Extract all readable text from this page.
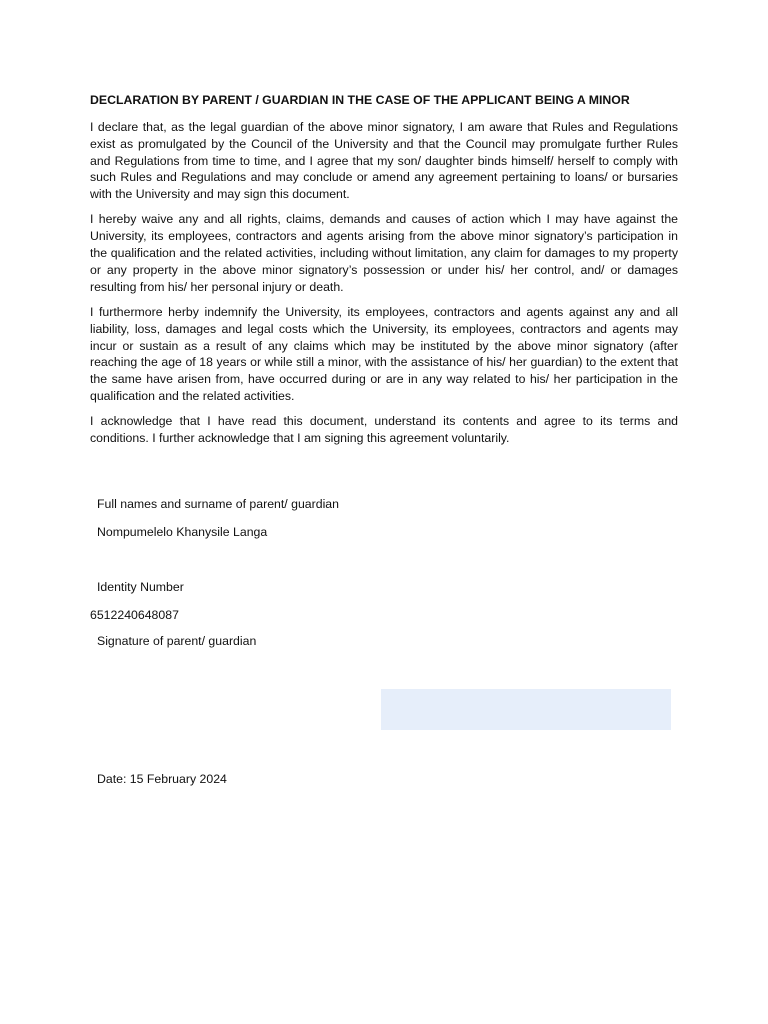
DECLARATION BY PARENT / GUARDIAN IN THE CASE OF THE APPLICANT BEING A MINOR

I declare that, as the legal guardian of the above minor signatory, I am aware that Rules and Regulations exist as promulgated by the Council of the University and that the Council may promulgate further Rules and Regulations from time to time, and I agree that my son/ daughter binds himself/ herself to comply with such Rules and Regulations and may conclude or amend any agreement pertaining to loans/ or bursaries with the University and may sign this document.

I hereby waive any and all rights, claims, demands and causes of action which I may have against the University, its employees, contractors and agents arising from the above minor signatory’s participation in the qualification and the related activities, including without limitation, any claim for damages to my property or any property in the above minor signatory’s possession or under his/ her control, and/ or damages resulting from his/ her personal injury or death.

I furthermore herby indemnify the University, its employees, contractors and agents against any and all liability, loss, damages and legal costs which the University, its employees, contractors and agents may incur or sustain as a result of any claims which may be instituted by the above minor signatory (after reaching the age of 18 years or while still a minor, with the assistance of his/ her guardian) to the extent that the same have arisen from, have occurred during or are in any way related to his/ her participation in the qualification and the related activities.

I acknowledge that I have read this document, understand its contents and agree to its terms and conditions. I further acknowledge that I am signing this agreement voluntarily.

Full names and surname of parent/ guardian
Nompumelelo Khanysile Langa
Identity Number
6512240648087
Signature of parent/ guardian
Date: 15 February 2024
